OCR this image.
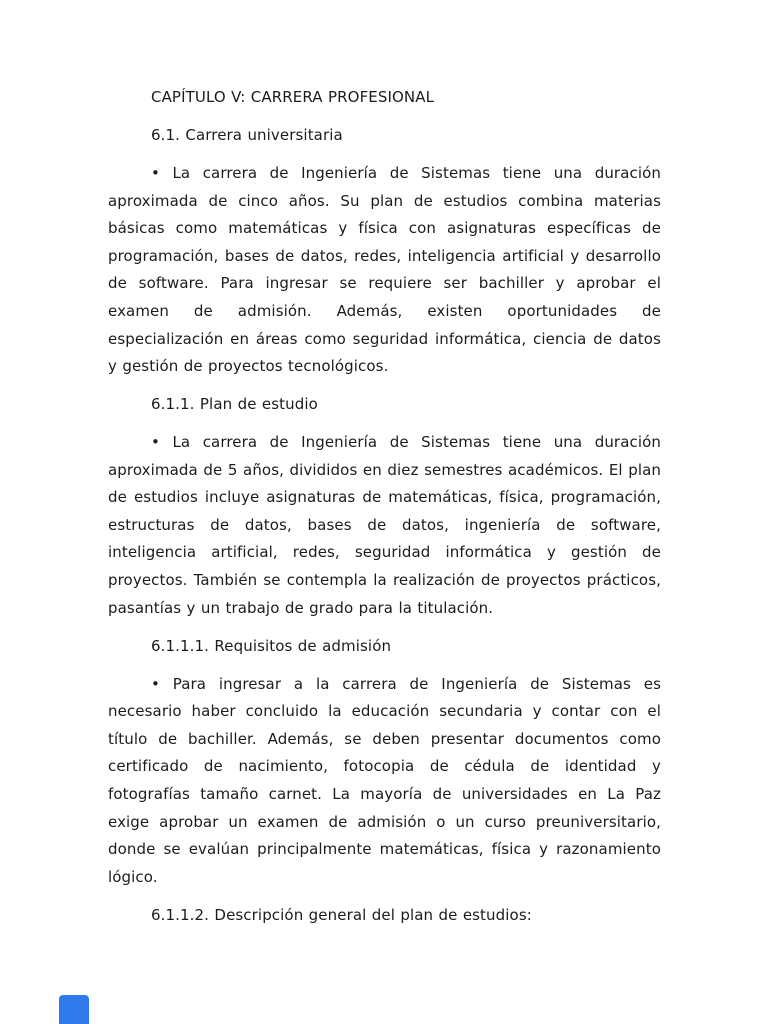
CAPÍTULO V: CARRERA PROFESIONAL

6.1. Carrera universitaria

• La carrera de Ingeniería de Sistemas tiene una duración aproximada de cinco años. Su plan de estudios combina materias básicas como matemáticas y física con asignaturas específicas de programación, bases de datos, redes, inteligencia artificial y desarrollo de software. Para ingresar se requiere ser bachiller y aprobar el examen de admisión. Además, existen oportunidades de especialización en áreas como seguridad informática, ciencia de datos y gestión de proyectos tecnológicos.

6.1.1. Plan de estudio

• La carrera de Ingeniería de Sistemas tiene una duración aproximada de 5 años, divididos en diez semestres académicos. El plan de estudios incluye asignaturas de matemáticas, física, programación, estructuras de datos, bases de datos, ingeniería de software, inteligencia artificial, redes, seguridad informática y gestión de proyectos. También se contempla la realización de proyectos prácticos, pasantías y un trabajo de grado para la titulación.

6.1.1.1. Requisitos de admisión

• Para ingresar a la carrera de Ingeniería de Sistemas es necesario haber concluido la educación secundaria y contar con el título de bachiller. Además, se deben presentar documentos como certificado de nacimiento, fotocopia de cédula de identidad y fotografías tamaño carnet. La mayoría de universidades en La Paz exige aprobar un examen de admisión o un curso preuniversitario, donde se evalúan principalmente matemáticas, física y razonamiento lógico.

6.1.1.2. Descripción general del plan de estudios:
